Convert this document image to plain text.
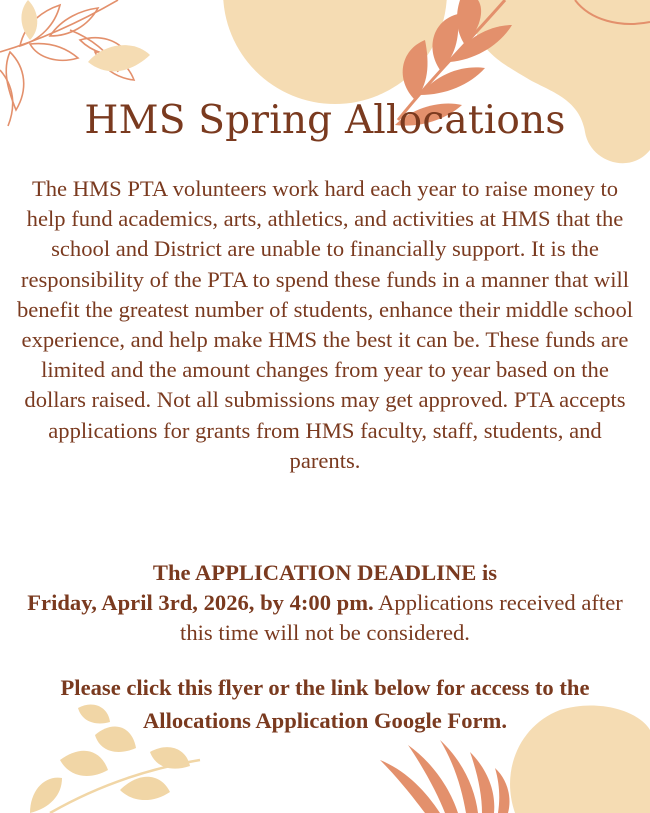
HMS Spring Allocations

The HMS PTA volunteers work hard each year to raise money to help fund academics, arts, athletics, and activities at HMS that the school and District are unable to financially support. It is the responsibility of the PTA to spend these funds in a manner that will benefit the greatest number of students, enhance their middle school experience, and help make HMS the best it can be. These funds are limited and the amount changes from year to year based on the dollars raised. Not all submissions may get approved. PTA accepts applications for grants from HMS faculty, staff, students, and parents.

The APPLICATION DEADLINE is
Friday, April 3rd, 2026, by 4:00 pm. Applications received after this time will not be considered.

Please click this flyer or the link below for access to the
Allocations Application Google Form.
